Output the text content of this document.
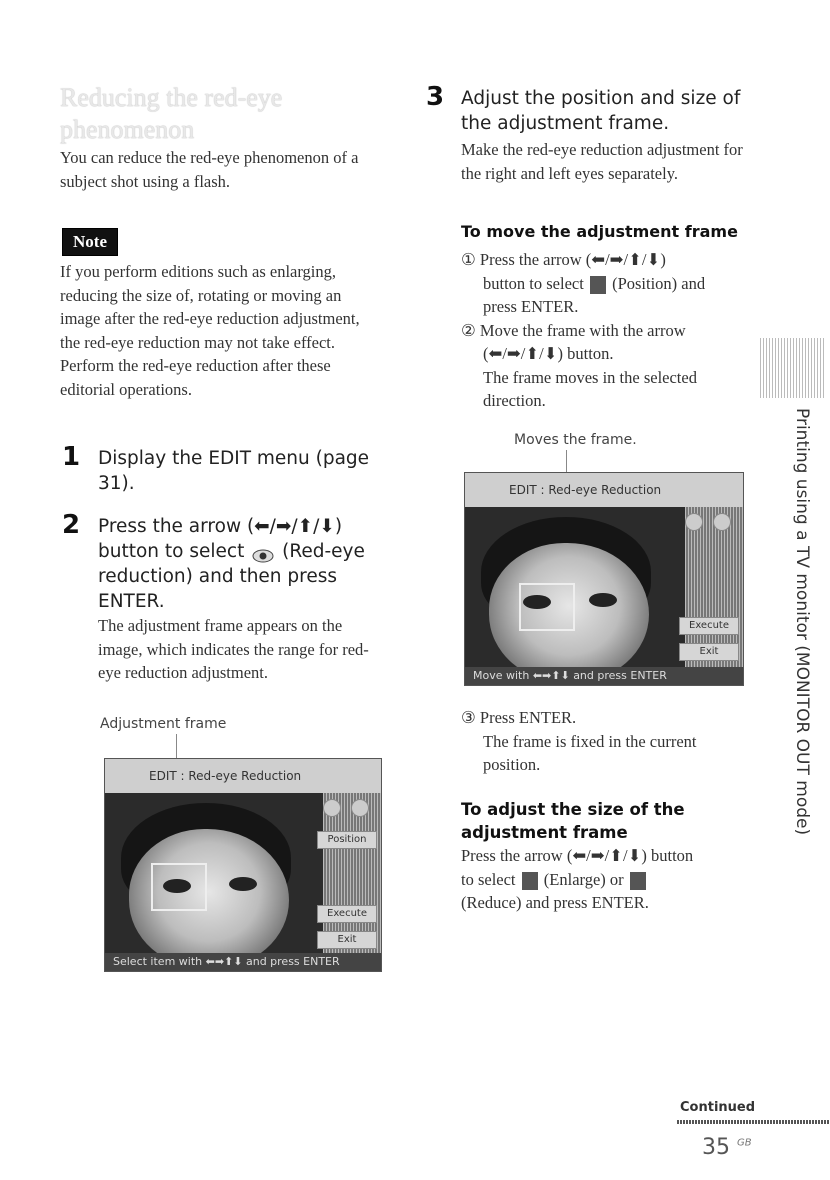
Reducing the red-eye phenomenon
You can reduce the red-eye phenomenon of a subject shot using a flash.
Note
If you perform editions such as enlarging, reducing the size of, rotating or moving an image after the red-eye reduction adjustment, the red-eye reduction may not take effect. Perform the red-eye reduction after these editorial operations.
1 Display the EDIT menu (page 31).
2 Press the arrow (⬅/➡/⬆/⬇)
button to select (Red-eye
reduction) and then press
ENTER.
The adjustment frame appears on the image, which indicates the range for red-eye reduction adjustment.
Adjustment frame
EDIT : Red-eye Reduction
Position
Execute
Exit
Select item with ⬅➡⬆⬇ and press ENTER
3 Adjust the position and size of the adjustment frame.
Make the red-eye reduction adjustment for the right and left eyes separately.
To move the adjustment frame
① Press the arrow (⬅/➡/⬆/⬇)
button to select (Position) and
press ENTER.
② Move the frame with the arrow
(⬅/➡/⬆/⬇) button.
The frame moves in the selected direction.
Moves the frame.
EDIT : Red-eye Reduction
Execute
Exit
Move with ⬅➡⬆⬇ and press ENTER
③ Press ENTER.
The frame is fixed in the current position.
To adjust the size of the adjustment frame
Press the arrow (⬅/➡/⬆/⬇) button
to select (Enlarge) or
(Reduce) and press ENTER.
Printing using a TV monitor (MONITOR OUT mode)
Continued
35 $^{GB}$
